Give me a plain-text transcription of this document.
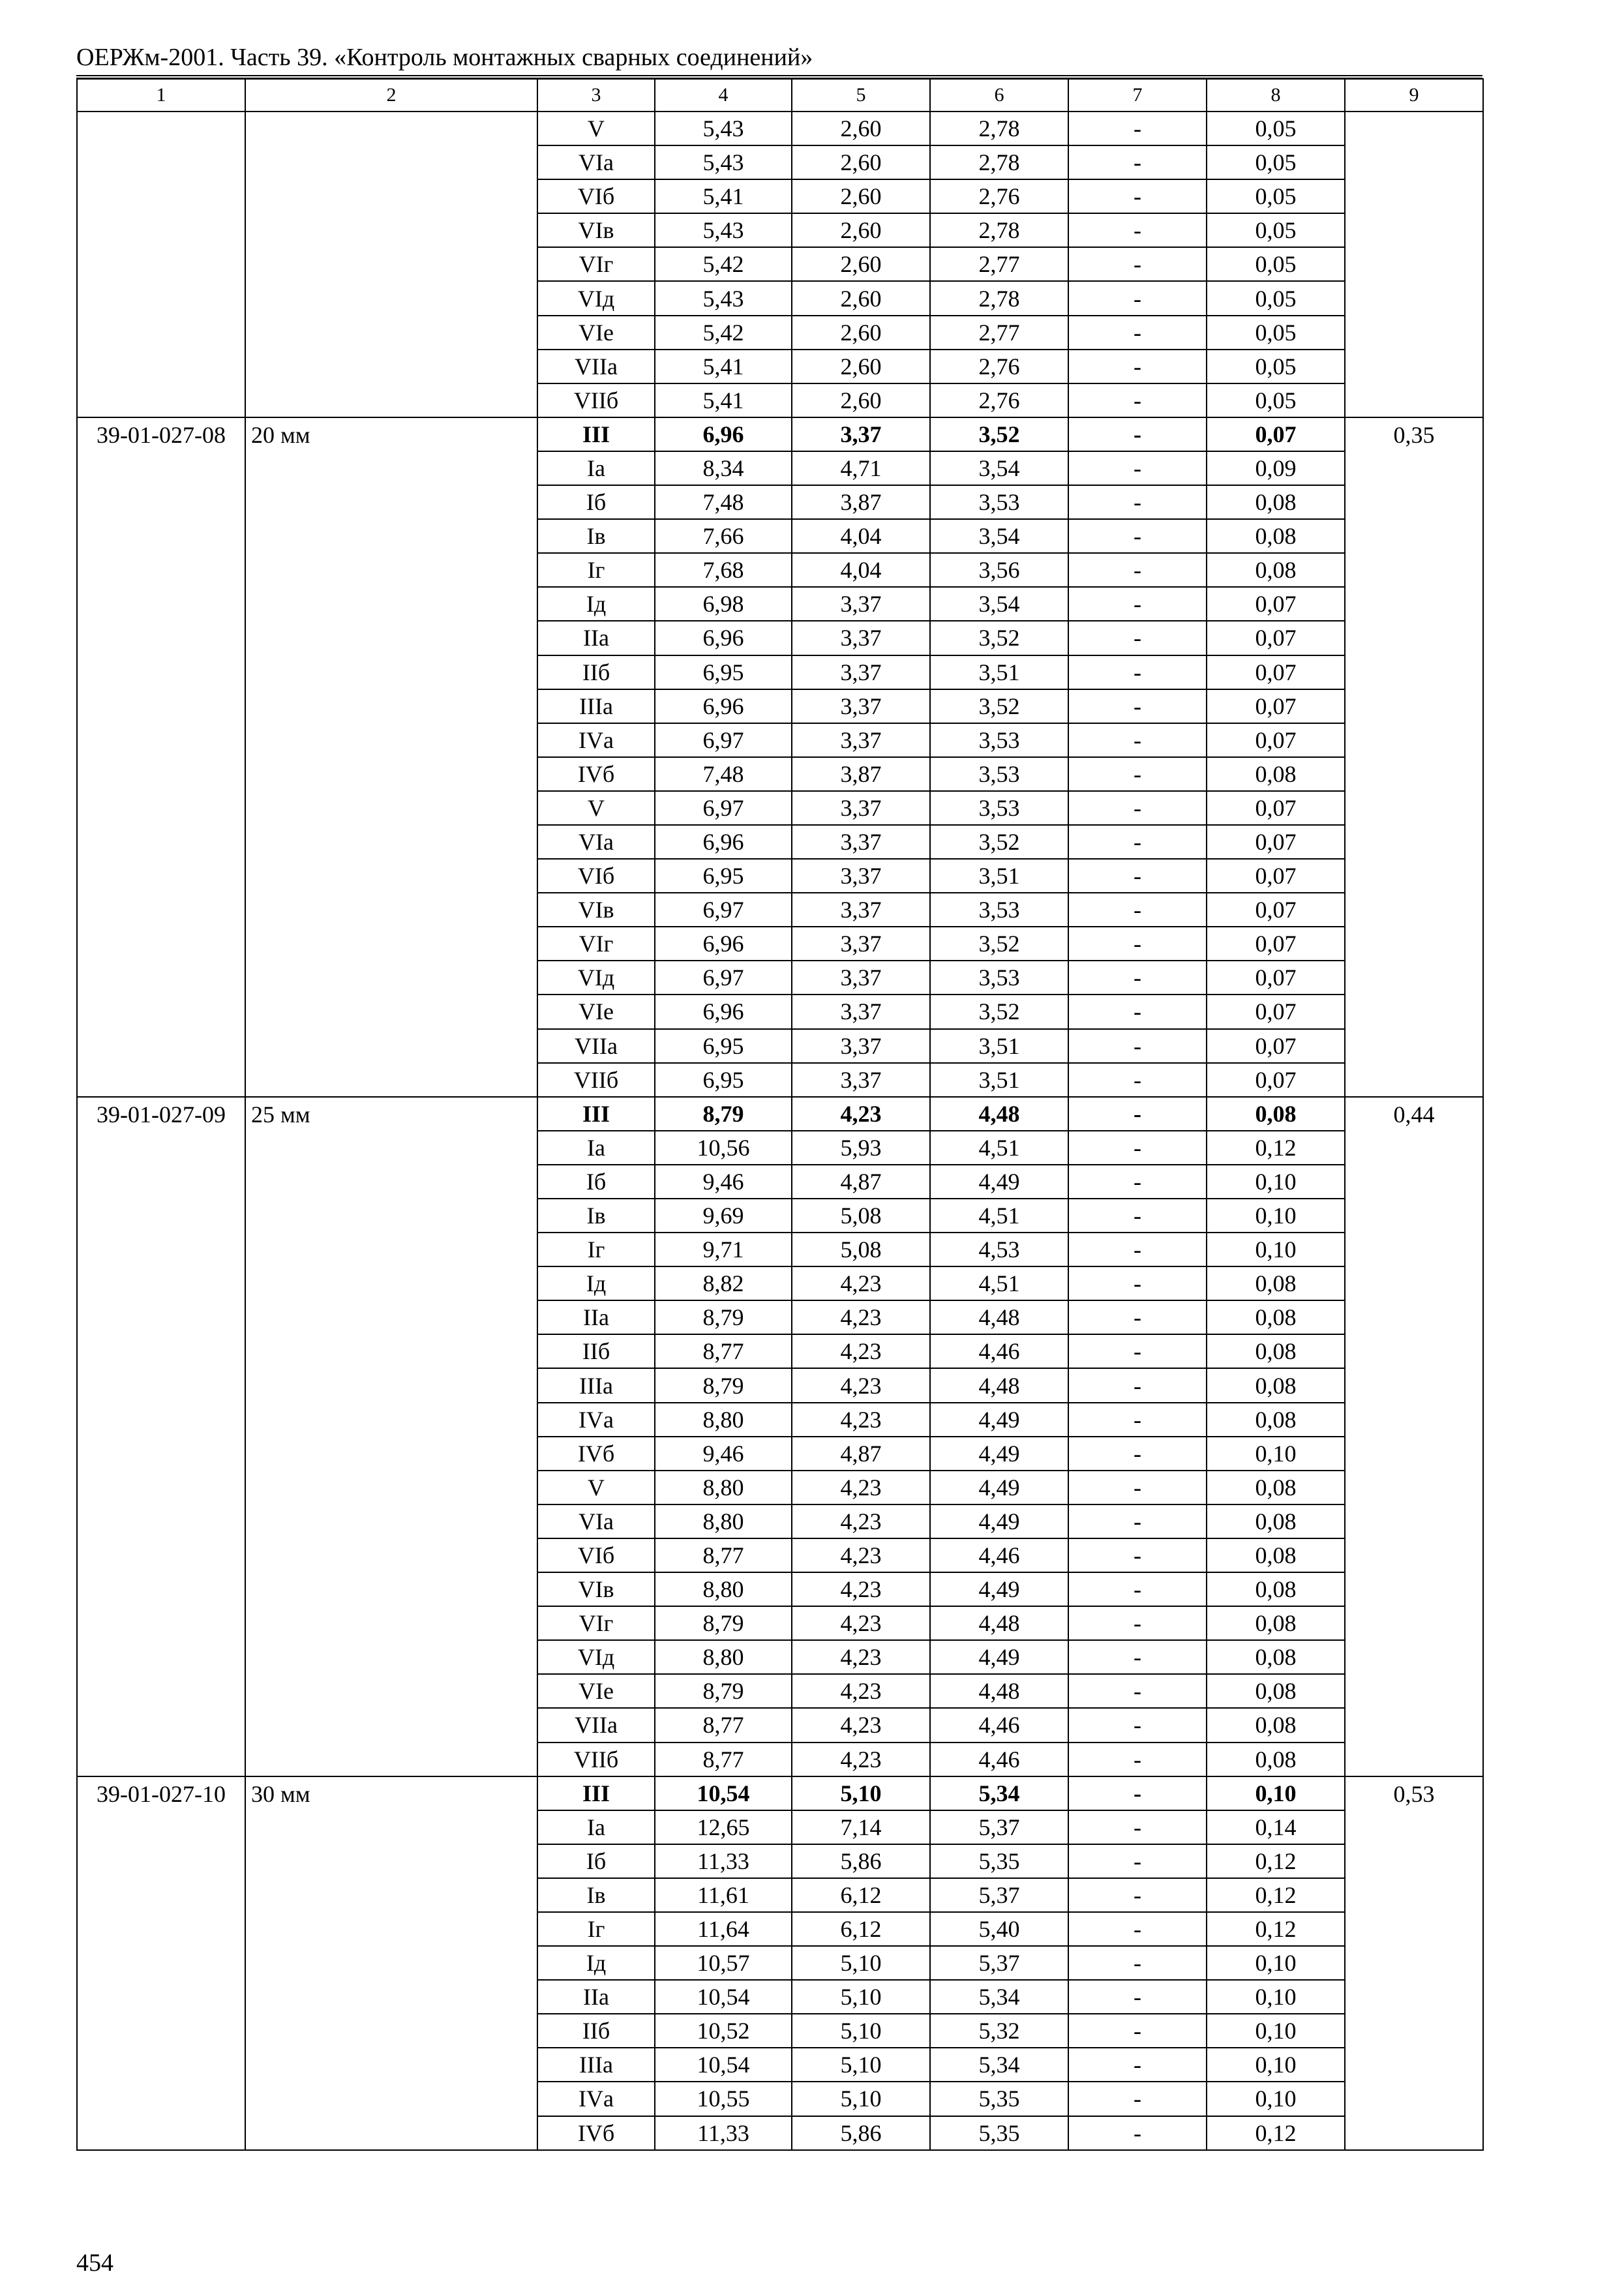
ОЕРЖм-2001. Часть 39. «Контроль монтажных сварных соединений»
1	2	3	4	5	6	7	8	9
		V	5,43	2,60	2,78	-	0,05	
		VIа	5,43	2,60	2,78	-	0,05	
		VIб	5,41	2,60	2,76	-	0,05	
		VIв	5,43	2,60	2,78	-	0,05	
		VIг	5,42	2,60	2,77	-	0,05	
		VIд	5,43	2,60	2,78	-	0,05	
		VIе	5,42	2,60	2,77	-	0,05	
		VIIа	5,41	2,60	2,76	-	0,05	
		VIIб	5,41	2,60	2,76	-	0,05	
39-01-027-08	20 мм	III	6,96	3,37	3,52	-	0,07	0,35
		Iа	8,34	4,71	3,54	-	0,09	
		Iб	7,48	3,87	3,53	-	0,08	
		Iв	7,66	4,04	3,54	-	0,08	
		Iг	7,68	4,04	3,56	-	0,08	
		Iд	6,98	3,37	3,54	-	0,07	
		IIа	6,96	3,37	3,52	-	0,07	
		IIб	6,95	3,37	3,51	-	0,07	
		IIIа	6,96	3,37	3,52	-	0,07	
		IVа	6,97	3,37	3,53	-	0,07	
		IVб	7,48	3,87	3,53	-	0,08	
		V	6,97	3,37	3,53	-	0,07	
		VIа	6,96	3,37	3,52	-	0,07	
		VIб	6,95	3,37	3,51	-	0,07	
		VIв	6,97	3,37	3,53	-	0,07	
		VIг	6,96	3,37	3,52	-	0,07	
		VIд	6,97	3,37	3,53	-	0,07	
		VIе	6,96	3,37	3,52	-	0,07	
		VIIа	6,95	3,37	3,51	-	0,07	
		VIIб	6,95	3,37	3,51	-	0,07	
39-01-027-09	25 мм	III	8,79	4,23	4,48	-	0,08	0,44
		Iа	10,56	5,93	4,51	-	0,12	
		Iб	9,46	4,87	4,49	-	0,10	
		Iв	9,69	5,08	4,51	-	0,10	
		Iг	9,71	5,08	4,53	-	0,10	
		Iд	8,82	4,23	4,51	-	0,08	
		IIа	8,79	4,23	4,48	-	0,08	
		IIб	8,77	4,23	4,46	-	0,08	
		IIIа	8,79	4,23	4,48	-	0,08	
		IVа	8,80	4,23	4,49	-	0,08	
		IVб	9,46	4,87	4,49	-	0,10	
		V	8,80	4,23	4,49	-	0,08	
		VIа	8,80	4,23	4,49	-	0,08	
		VIб	8,77	4,23	4,46	-	0,08	
		VIв	8,80	4,23	4,49	-	0,08	
		VIг	8,79	4,23	4,48	-	0,08	
		VIд	8,80	4,23	4,49	-	0,08	
		VIе	8,79	4,23	4,48	-	0,08	
		VIIа	8,77	4,23	4,46	-	0,08	
		VIIб	8,77	4,23	4,46	-	0,08	
39-01-027-10	30 мм	III	10,54	5,10	5,34	-	0,10	0,53
		Iа	12,65	7,14	5,37	-	0,14	
		Iб	11,33	5,86	5,35	-	0,12	
		Iв	11,61	6,12	5,37	-	0,12	
		Iг	11,64	6,12	5,40	-	0,12	
		Iд	10,57	5,10	5,37	-	0,10	
		IIа	10,54	5,10	5,34	-	0,10	
		IIб	10,52	5,10	5,32	-	0,10	
		IIIа	10,54	5,10	5,34	-	0,10	
		IVа	10,55	5,10	5,35	-	0,10	
		IVб	11,33	5,86	5,35	-	0,12	
454
